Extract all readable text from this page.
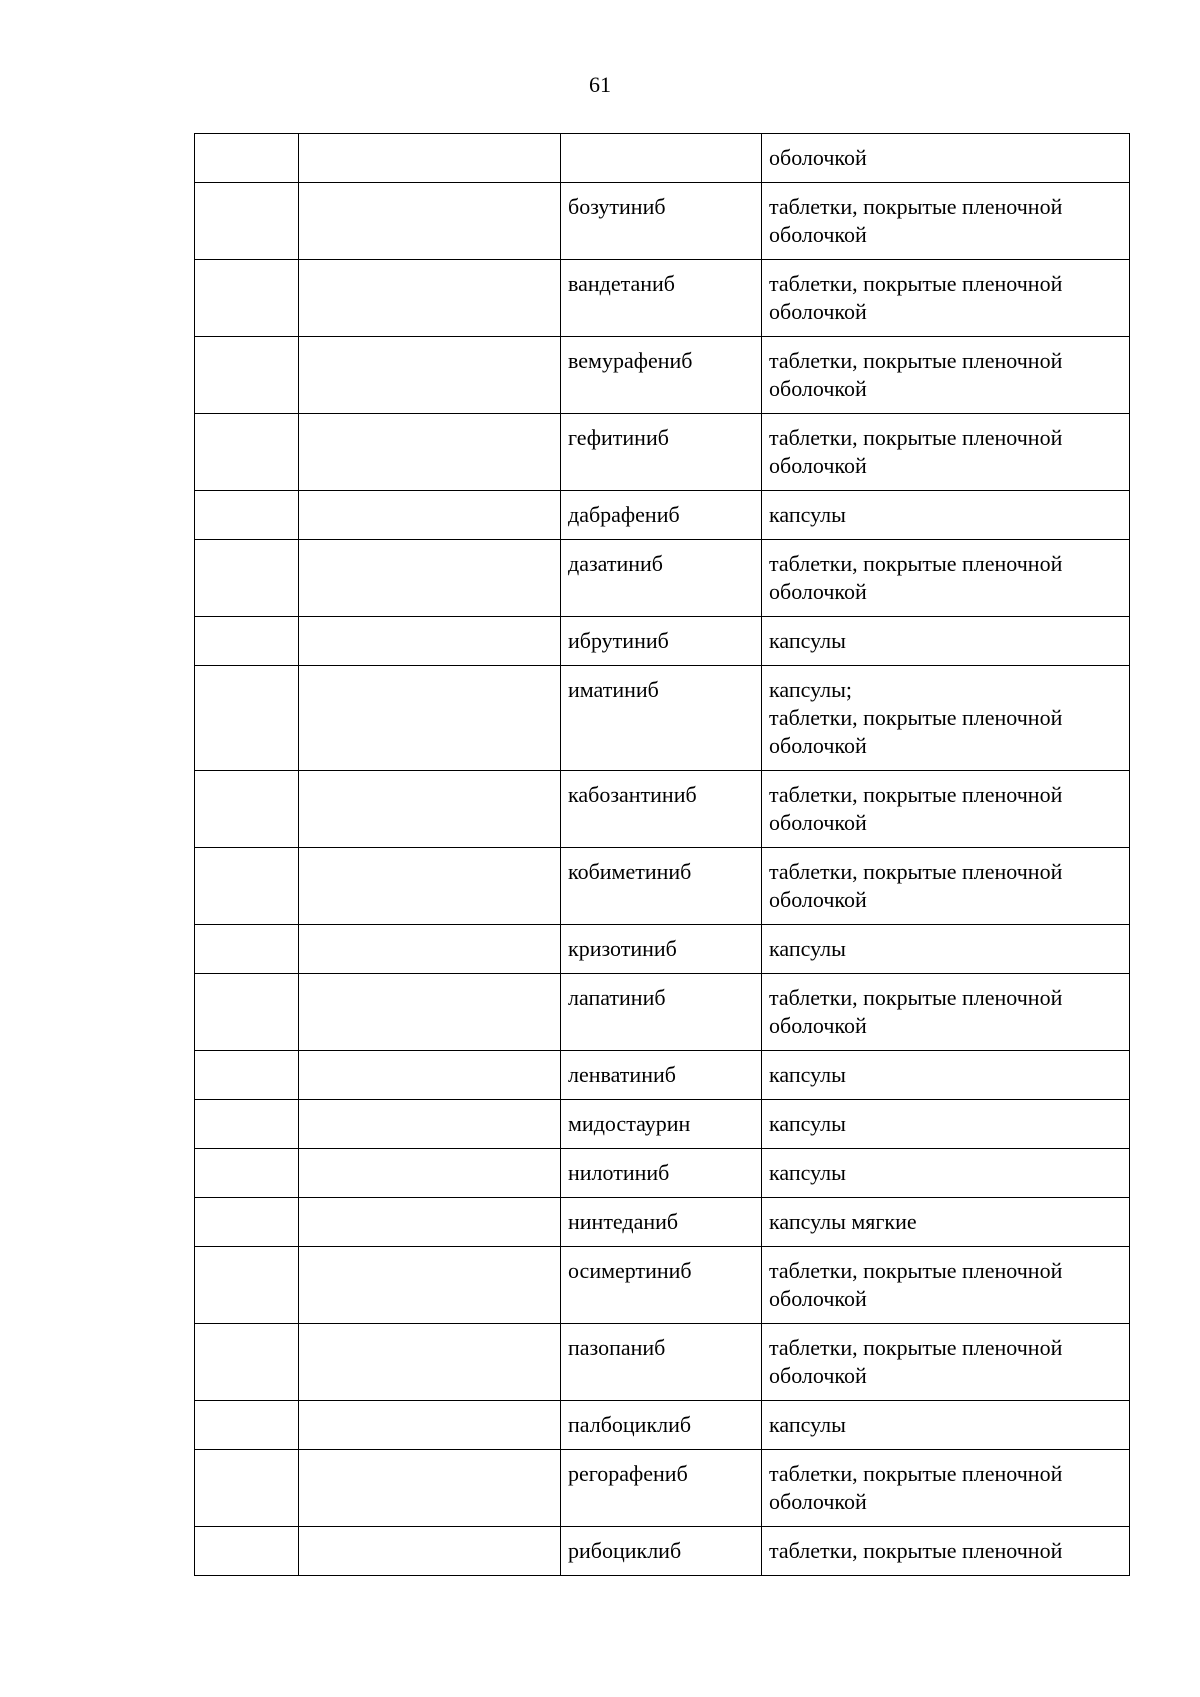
61

			оболочкой

		бозутиниб	таблетки, покрытые пленочной
оболочкой

		вандетаниб	таблетки, покрытые пленочной
оболочкой

		вемурафениб	таблетки, покрытые пленочной
оболочкой

		гефитиниб	таблетки, покрытые пленочной
оболочкой

		дабрафениб	капсулы

		дазатиниб	таблетки, покрытые пленочной
оболочкой

		ибрутиниб	капсулы

		иматиниб	капсулы;
таблетки, покрытые пленочной
оболочкой

		кабозантиниб	таблетки, покрытые пленочной
оболочкой

		кобиметиниб	таблетки, покрытые пленочной
оболочкой

		кризотиниб	капсулы

		лапатиниб	таблетки, покрытые пленочной
оболочкой

		ленватиниб	капсулы

		мидостаурин	капсулы

		нилотиниб	капсулы

		нинтеданиб	капсулы мягкие

		осимертиниб	таблетки, покрытые пленочной
оболочкой

		пазопаниб	таблетки, покрытые пленочной
оболочкой

		палбоциклиб	капсулы

		регорафениб	таблетки, покрытые пленочной
оболочкой

		рибоциклиб	таблетки, покрытые пленочной
